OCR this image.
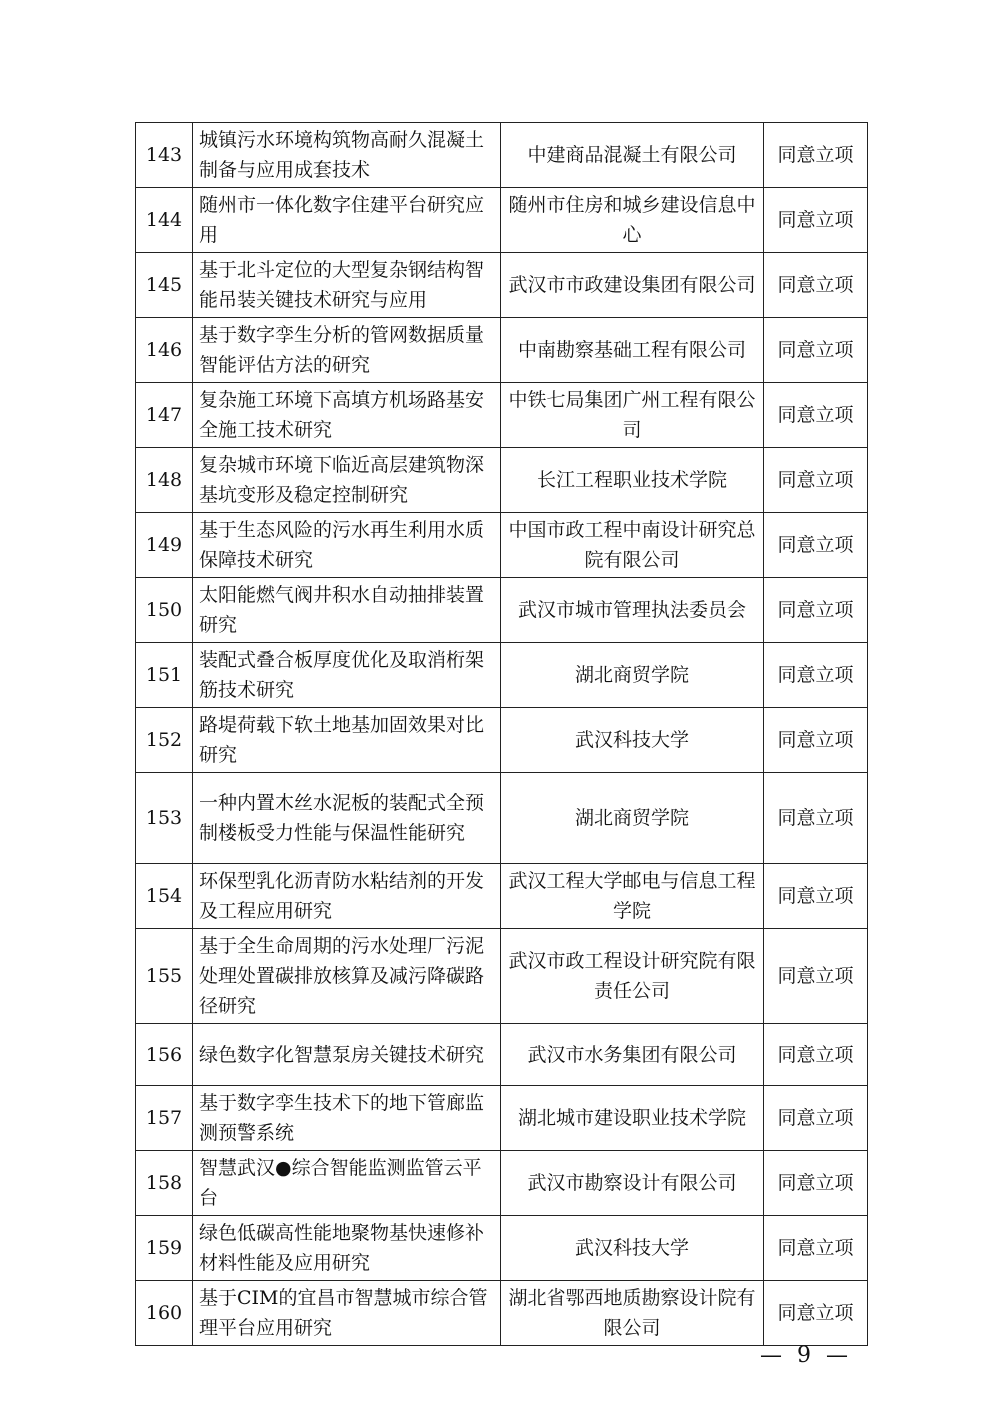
143	城镇污水环境构筑物高耐久混凝土 制备与应用成套技术	中建商品混凝土有限公司	同意立项
144	随州市一体化数字住建平台研究应用	随州市住房和城乡建设信息中心	同意立项
145	基于北斗定位的大型复杂钢结构智能吊装关键技术研究与应用	武汉市市政建设集团有限公司	同意立项
146	基于数字孪生分析的管网数据质量智能评估方法的研究	中南勘察基础工程有限公司	同意立项
147	复杂施工环境下高填方机场路基安全施工技术研究	中铁七局集团广州工程有限公司	同意立项
148	复杂城市环境下临近高层建筑物深基坑变形及稳定控制研究	长江工程职业技术学院	同意立项
149	基于生态风险的污水再生利用水质保障技术研究	中国市政工程中南设计研究总院有限公司	同意立项
150	太阳能燃气阀井积水自动抽排装置研究	武汉市城市管理执法委员会	同意立项
151	装配式叠合板厚度优化及取消桁架筋技术研究	湖北商贸学院	同意立项
152	路堤荷载下软土地基加固效果对比研究	武汉科技大学	同意立项
153	一种内置木丝水泥板的装配式全预制楼板受力性能与保温性能研究	湖北商贸学院	同意立项
154	环保型乳化沥青防水粘结剂的开发及工程应用研究	武汉工程大学邮电与信息工程学院	同意立项
155	基于全生命周期的污水处理厂污泥处理处置碳排放核算及减污降碳路径研究	武汉市政工程设计研究院有限责任公司	同意立项
156	绿色数字化智慧泵房关键技术研究	武汉市水务集团有限公司	同意立项
157	基于数字孪生技术下的地下管廊监测预警系统	湖北城市建设职业技术学院	同意立项
158	智慧武汉●综合智能监测监管云平台	武汉市勘察设计有限公司	同意立项
159	绿色低碳高性能地聚物基快速修补材料性能及应用研究	武汉科技大学	同意立项
160	基于CIM的宜昌市智慧城市综合管理平台应用研究	湖北省鄂西地质勘察设计院有限公司	同意立项
— 9 —
